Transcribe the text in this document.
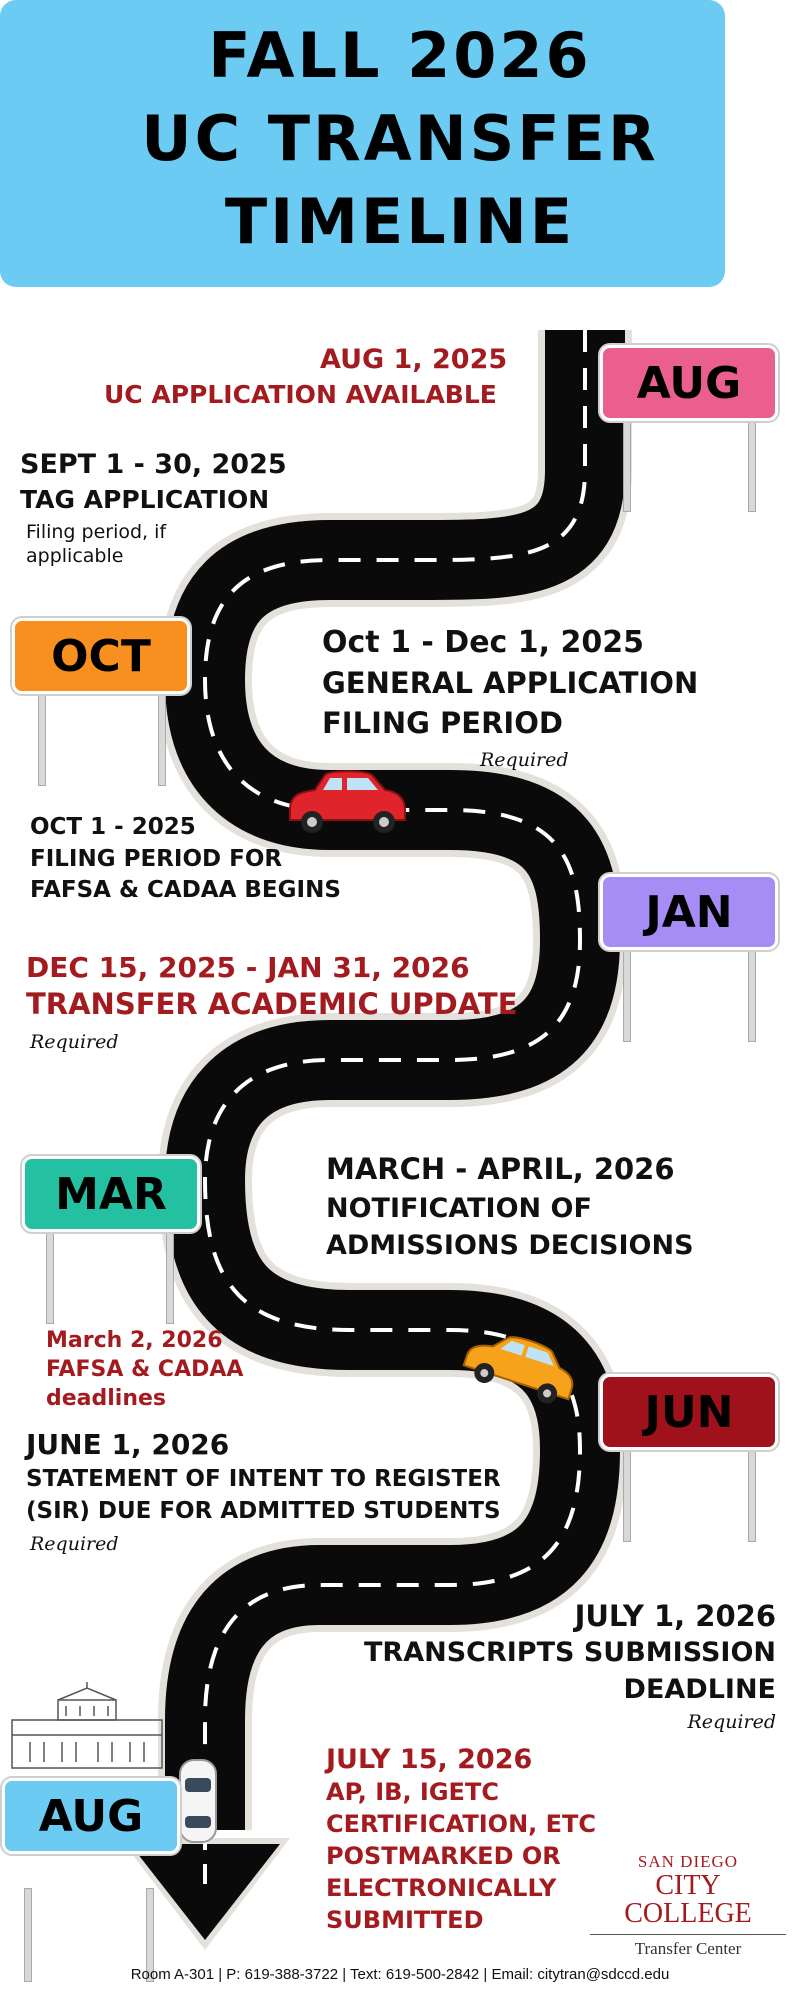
FALL 2026
UC TRANSFER
TIMELINE
AUG
OCT
JAN
MAR
JUN
AUG
AUG 1, 2025
UC APPLICATION AVAILABLE
SEPT 1 - 30, 2025
TAG APPLICATION
Filing period, if
applicable
Oct 1 - Dec 1, 2025
GENERAL APPLICATION
FILING PERIOD
Required
OCT 1 - 2025
FILING PERIOD FOR
FAFSA & CADAA BEGINS
DEC 15, 2025 - JAN 31, 2026
TRANSFER ACADEMIC UPDATE
Required
MARCH - APRIL, 2026
NOTIFICATION OF
ADMISSIONS DECISIONS
March 2, 2026
FAFSA & CADAA
deadlines
JUNE 1, 2026
STATEMENT OF INTENT TO REGISTER
(SIR) DUE FOR ADMITTED STUDENTS
Required
JULY 1, 2026
TRANSCRIPTS SUBMISSION
DEADLINE
Required
JULY 15, 2026
AP, IB, IGETC
CERTIFICATION, ETC
POSTMARKED OR
ELECTRONICALLY
SUBMITTED
SAN DIEGO
CITY COLLEGE
Transfer Center
Room A-301 | P: 619-388-3722 | Text: 619-500-2842 | Email: citytran@sdccd.edu
